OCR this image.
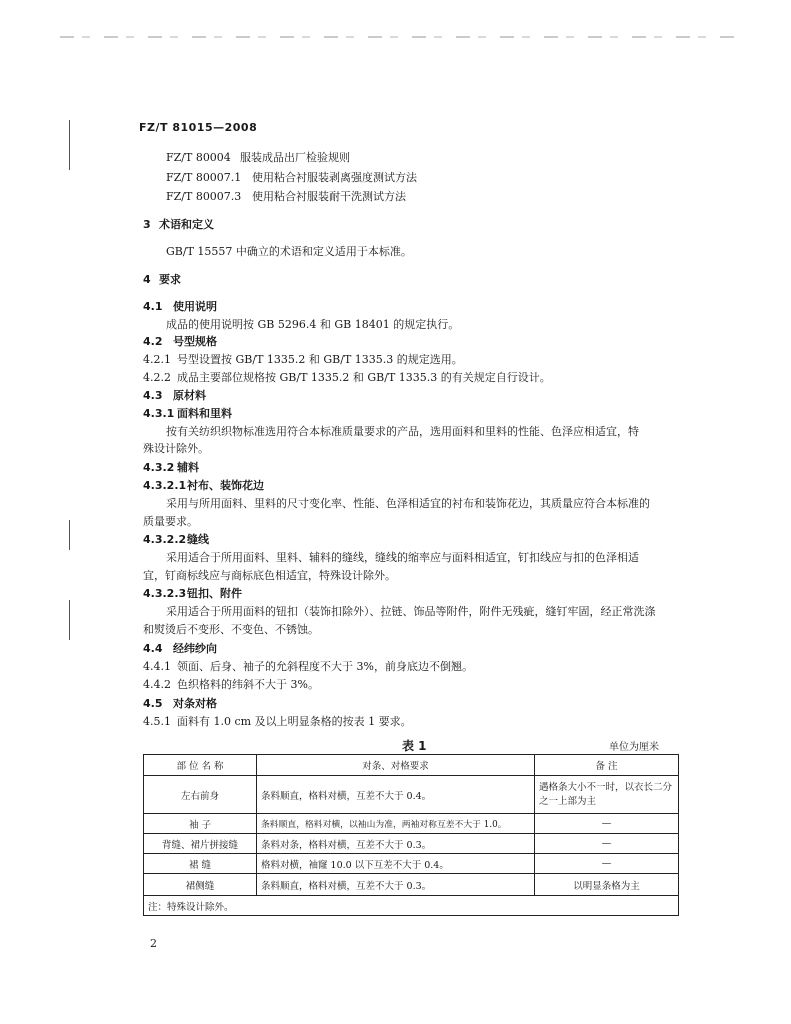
FZ/T 81015—2008
FZ/T 80004 服装成品出厂检验规则
FZ/T 80007.1 使用粘合衬服装剥离强度测试方法
FZ/T 80007.3 使用粘合衬服装耐干洗测试方法
3 术语和定义
GB/T 15557 中确立的术语和定义适用于本标准。
4 要求
4.1 使用说明
成品的使用说明按 GB 5296.4 和 GB 18401 的规定执行。
4.2 号型规格
4.2.1 号型设置按 GB/T 1335.2 和 GB/T 1335.3 的规定选用。
4.2.2 成品主要部位规格按 GB/T 1335.2 和 GB/T 1335.3 的有关规定自行设计。
4.3 原材料
4.3.1 面料和里料
按有关纺织织物标准选用符合本标准质量要求的产品，选用面料和里料的性能、色泽应相适宜，特
殊设计除外。
4.3.2 辅料
4.3.2.1衬布、装饰花边
采用与所用面料、里料的尺寸变化率、性能、色泽相适宜的衬布和装饰花边，其质量应符合本标准的
质量要求。
4.3.2.2缝线
采用适合于所用面料、里料、辅料的缝线，缝线的缩率应与面料相适宜，钉扣线应与扣的色泽相适
宜，钉商标线应与商标底色相适宜，特殊设计除外。
4.3.2.3钮扣、附件
采用适合于所用面料的钮扣（装饰扣除外）、拉链、饰品等附件，附件无残疵，缝钉牢固，经正常洗涤
和熨烫后不变形、不变色、不锈蚀。
4.4 经纬纱向
4.4.1 领面、后身、袖子的允斜程度不大于 3%，前身底边不倒翘。
4.4.2 色织格料的纬斜不大于 3%。
4.5 对条对格
4.5.1 面料有 1.0 cm 及以上明显条格的按表 1 要求。
表 1	单位为厘米
部 位 名 称	对条、对格要求	备 注
左右前身	条料顺直，格料对横，互差不大于 0.4。	遇格条大小不一时，以衣长二分之一上部为主
袖 子	条料顺直，格料对横，以袖山为准，两袖对称互差不大于 1.0。	—
背缝、裙片拼接缝	条料对条，格料对横，互差不大于 0.3。	—
裙 缝	格料对横，袖窿 10.0 以下互差不大于 0.4。	—
裙侧缝	条料顺直，格料对横，互差不大于 0.3。	以明显条格为主
注：特殊设计除外。		
2
